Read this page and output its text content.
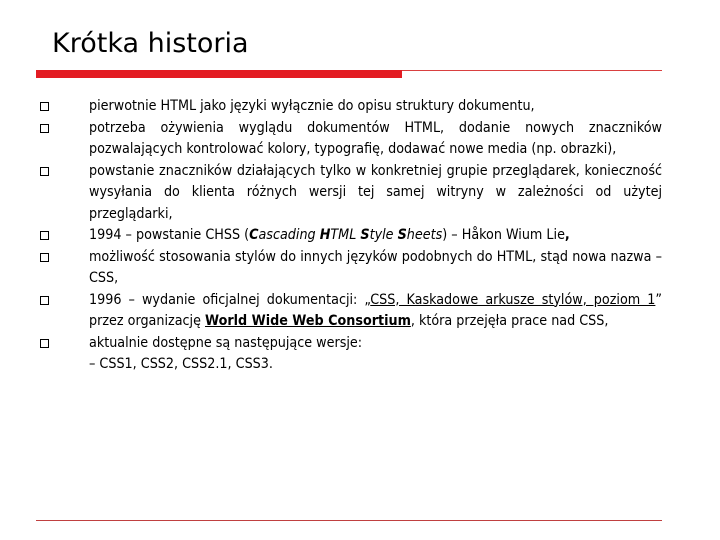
Krótka historia
pierwotnie HTML jako języki wyłącznie do opisu struktury dokumentu,
potrzeba ożywienia wyglądu dokumentów HTML, dodanie nowych znaczników pozwalających kontrolować kolory, typografię, dodawać nowe media (np. obrazki),
powstanie znaczników działających tylko w konkretniej grupie przeglądarek, konieczność wysyłania do klienta różnych wersji tej samej witryny w zależności od użytej przeglądarki,
1994 – powstanie CHSS (Cascading HTML Style Sheets) – Håkon Wium Lie,
możliwość stosowania stylów do innych języków podobnych do HTML, stąd nowa nazwa – CSS,
1996 – wydanie oficjalnej dokumentacji: „CSS, Kaskadowe arkusze stylów, poziom 1” przez organizację World Wide Web Consortium, która przejęła prace nad CSS,
aktualnie dostępne są następujące wersje:
– CSS1, CSS2, CSS2.1, CSS3.
